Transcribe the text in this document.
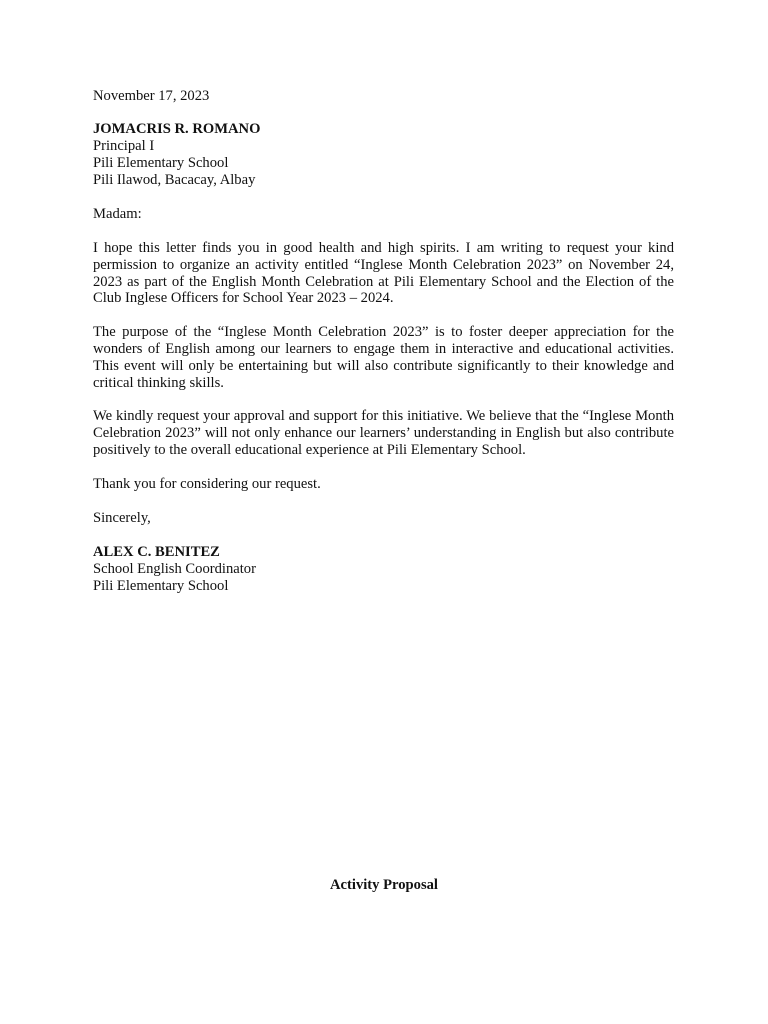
November 17, 2023
JOMACRIS R. ROMANO
Principal I
Pili Elementary School
Pili Ilawod, Bacacay, Albay
Madam:

I hope this letter finds you in good health and high spirits. I am writing to request your kind permission to organize an activity entitled “Inglese Month Celebration 2023” on November 24, 2023 as part of the English Month Celebration at Pili Elementary School and the Election of the Club Inglese Officers for School Year 2023 – 2024.

The purpose of the “Inglese Month Celebration 2023” is to foster deeper appreciation for the wonders of English among our learners to engage them in interactive and educational activities. This event will only be entertaining but will also contribute significantly to their knowledge and critical thinking skills.

We kindly request your approval and support for this initiative. We believe that the “Inglese Month Celebration 2023” will not only enhance our learners’ understanding in English but also contribute positively to the overall educational experience at Pili Elementary School.

Thank you for considering our request.

Sincerely,
ALEX C. BENITEZ
School English Coordinator
Pili Elementary School
Activity Proposal
